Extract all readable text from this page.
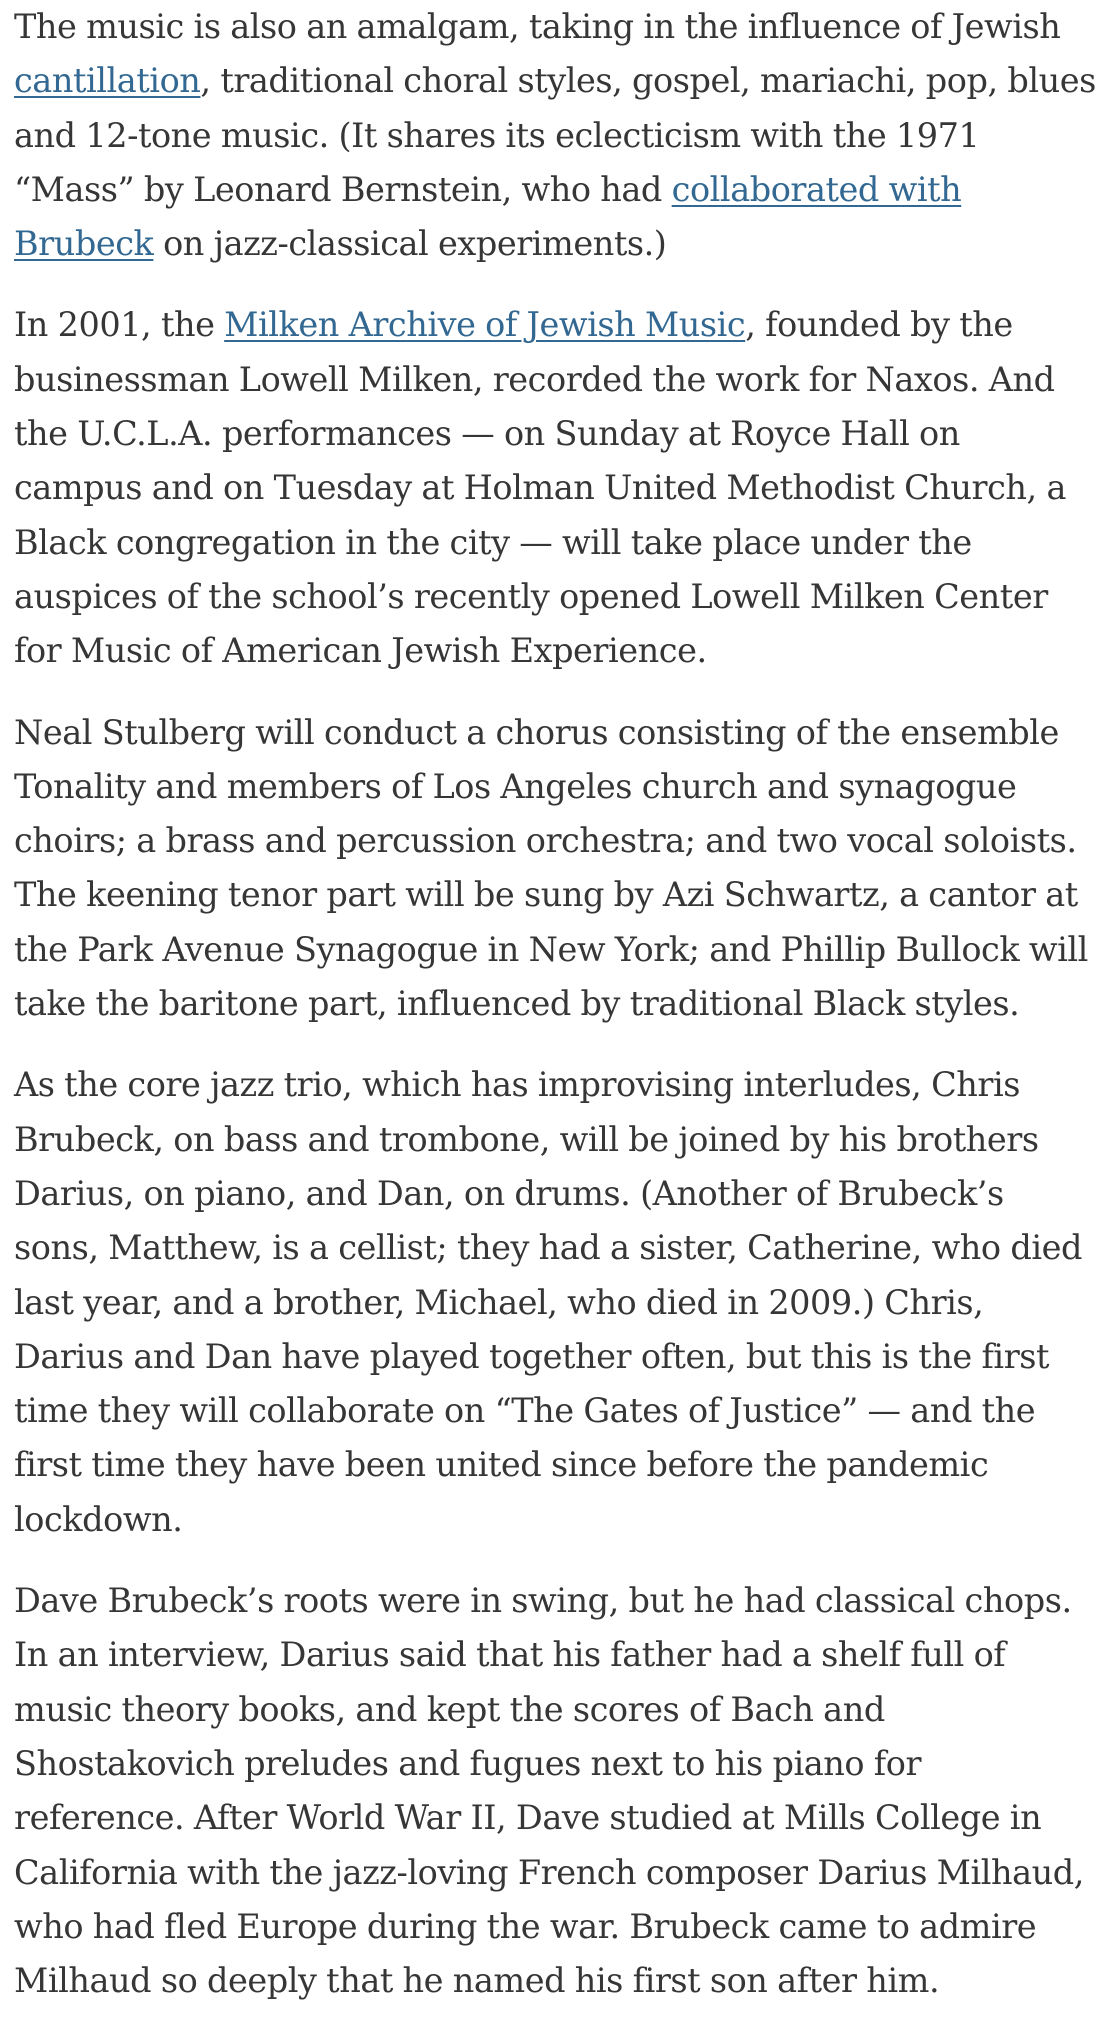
The music is also an amalgam, taking in the influence of Jewish cantillation, traditional choral styles, gospel, mariachi, pop, blues and 12-tone music. (It shares its eclecticism with the 1971 “Mass” by Leonard Bernstein, who had collaborated with Brubeck on jazz-classical experiments.)

In 2001, the Milken Archive of Jewish Music, founded by the businessman Lowell Milken, recorded the work for Naxos. And the U.C.L.A. performances — on Sunday at Royce Hall on campus and on Tuesday at Holman United Methodist Church, a Black congregation in the city — will take place under the auspices of the school’s recently opened Lowell Milken Center for Music of American Jewish Experience.

Neal Stulberg will conduct a chorus consisting of the ensemble Tonality and members of Los Angeles church and synagogue choirs; a brass and percussion orchestra; and two vocal soloists. The keening tenor part will be sung by Azi Schwartz, a cantor at the Park Avenue Synagogue in New York; and Phillip Bullock will take the baritone part, influenced by traditional Black styles.

As the core jazz trio, which has improvising interludes, Chris Brubeck, on bass and trombone, will be joined by his brothers Darius, on piano, and Dan, on drums. (Another of Brubeck’s sons, Matthew, is a cellist; they had a sister, Catherine, who died last year, and a brother, Michael, who died in 2009.) Chris, Darius and Dan have played together often, but this is the first time they will collaborate on “The Gates of Justice” — and the first time they have been united since before the pandemic lockdown.

Dave Brubeck’s roots were in swing, but he had classical chops. In an interview, Darius said that his father had a shelf full of music theory books, and kept the scores of Bach and Shostakovich preludes and fugues next to his piano for reference. After World War II, Dave studied at Mills College in California with the jazz-loving French composer Darius Milhaud, who had fled Europe during the war. Brubeck came to admire Milhaud so deeply that he named his first son after him.
